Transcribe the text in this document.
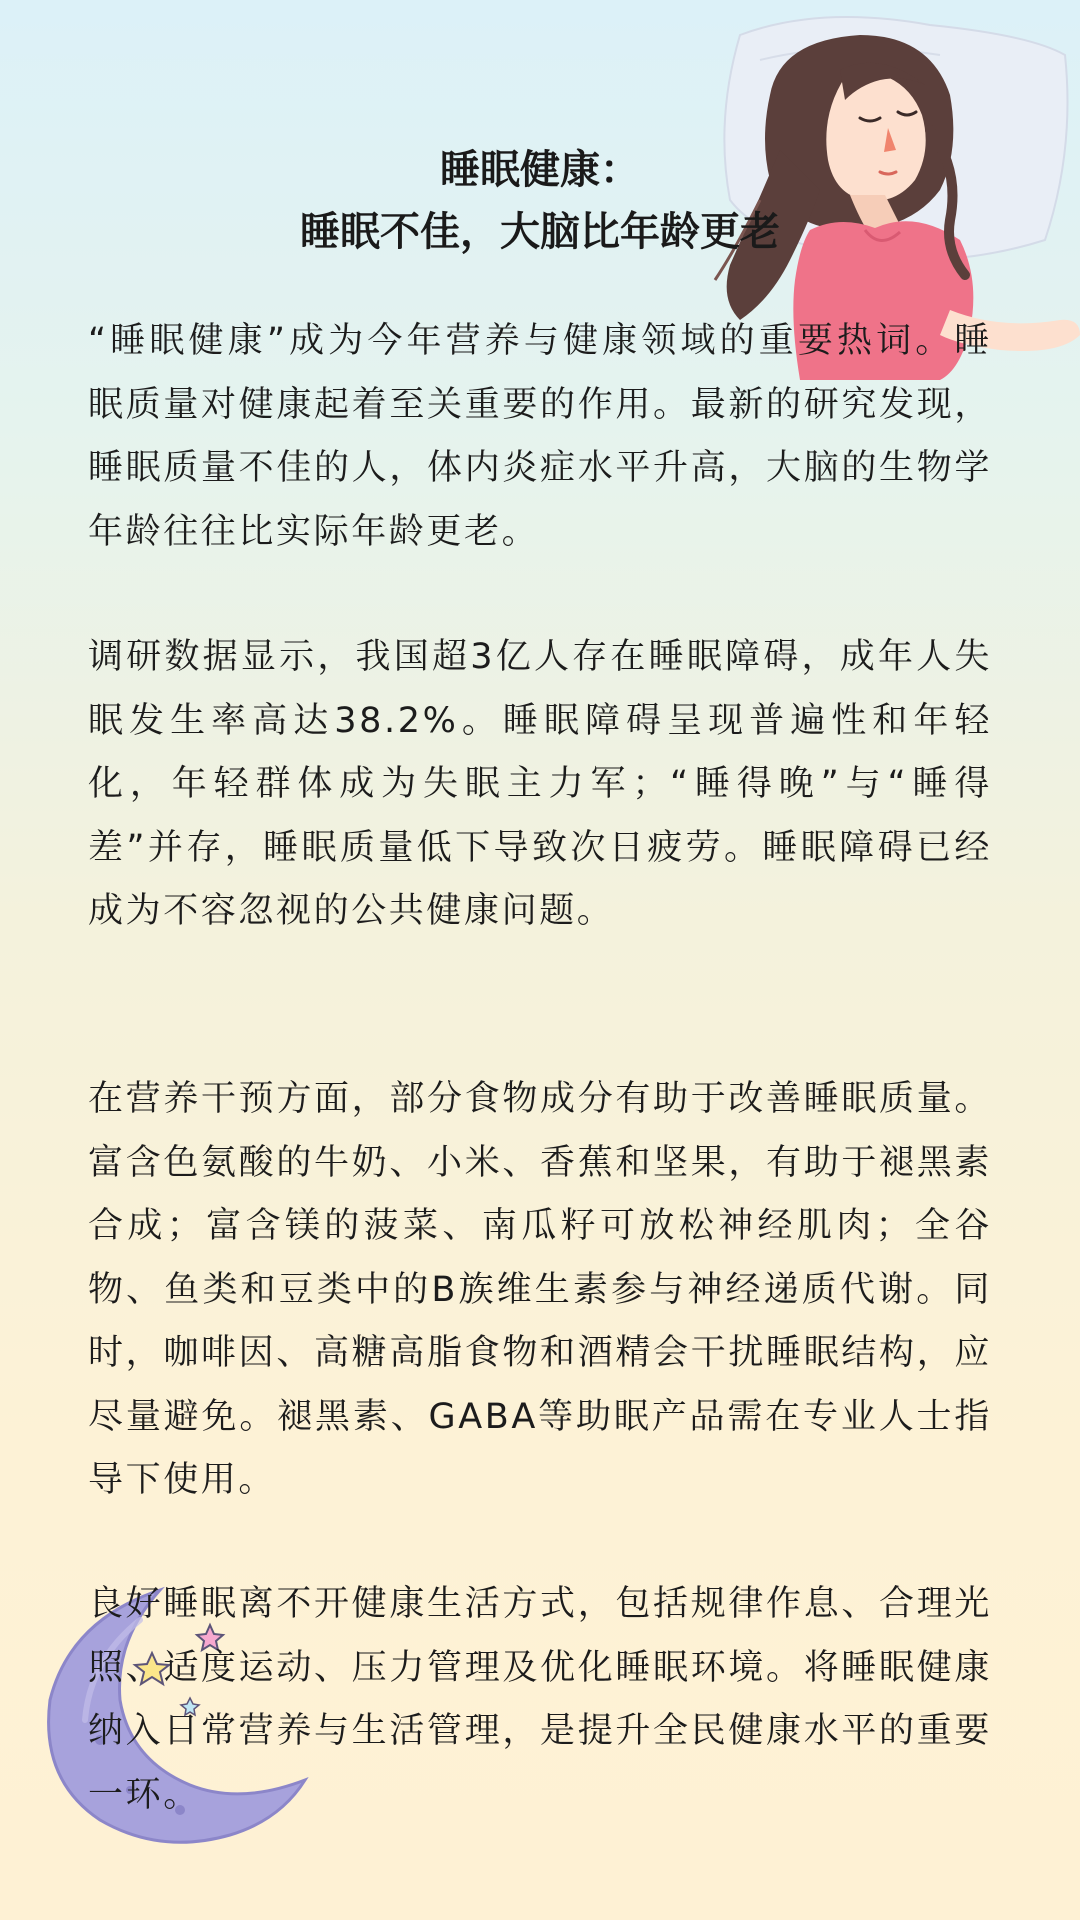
睡眠健康：
睡眠不佳，大脑比年龄更老

“睡眠健康”成为今年营养与健康领域的重要热词。睡眠质量对健康起着至关重要的作用。最新的研究发现，睡眠质量不佳的人，体内炎症水平升高，大脑的生物学年龄往往比实际年龄更老。

调研数据显示，我国超3亿人存在睡眠障碍，成年人失眠发生率高达38.2%。睡眠障碍呈现普遍性和年轻化，年轻群体成为失眠主力军；“睡得晚”与“睡得差”并存，睡眠质量低下导致次日疲劳。睡眠障碍已经成为不容忽视的公共健康问题。

在营养干预方面，部分食物成分有助于改善睡眠质量。富含色氨酸的牛奶、小米、香蕉和坚果，有助于褪黑素合成；富含镁的菠菜、南瓜籽可放松神经肌肉；全谷物、鱼类和豆类中的B族维生素参与神经递质代谢。同时，咖啡因、高糖高脂食物和酒精会干扰睡眠结构，应尽量避免。褪黑素、GABA等助眠产品需在专业人士指导下使用。

良好睡眠离不开健康生活方式，包括规律作息、合理光照、适度运动、压力管理及优化睡眠环境。将睡眠健康纳入日常营养与生活管理，是提升全民健康水平的重要一环。
